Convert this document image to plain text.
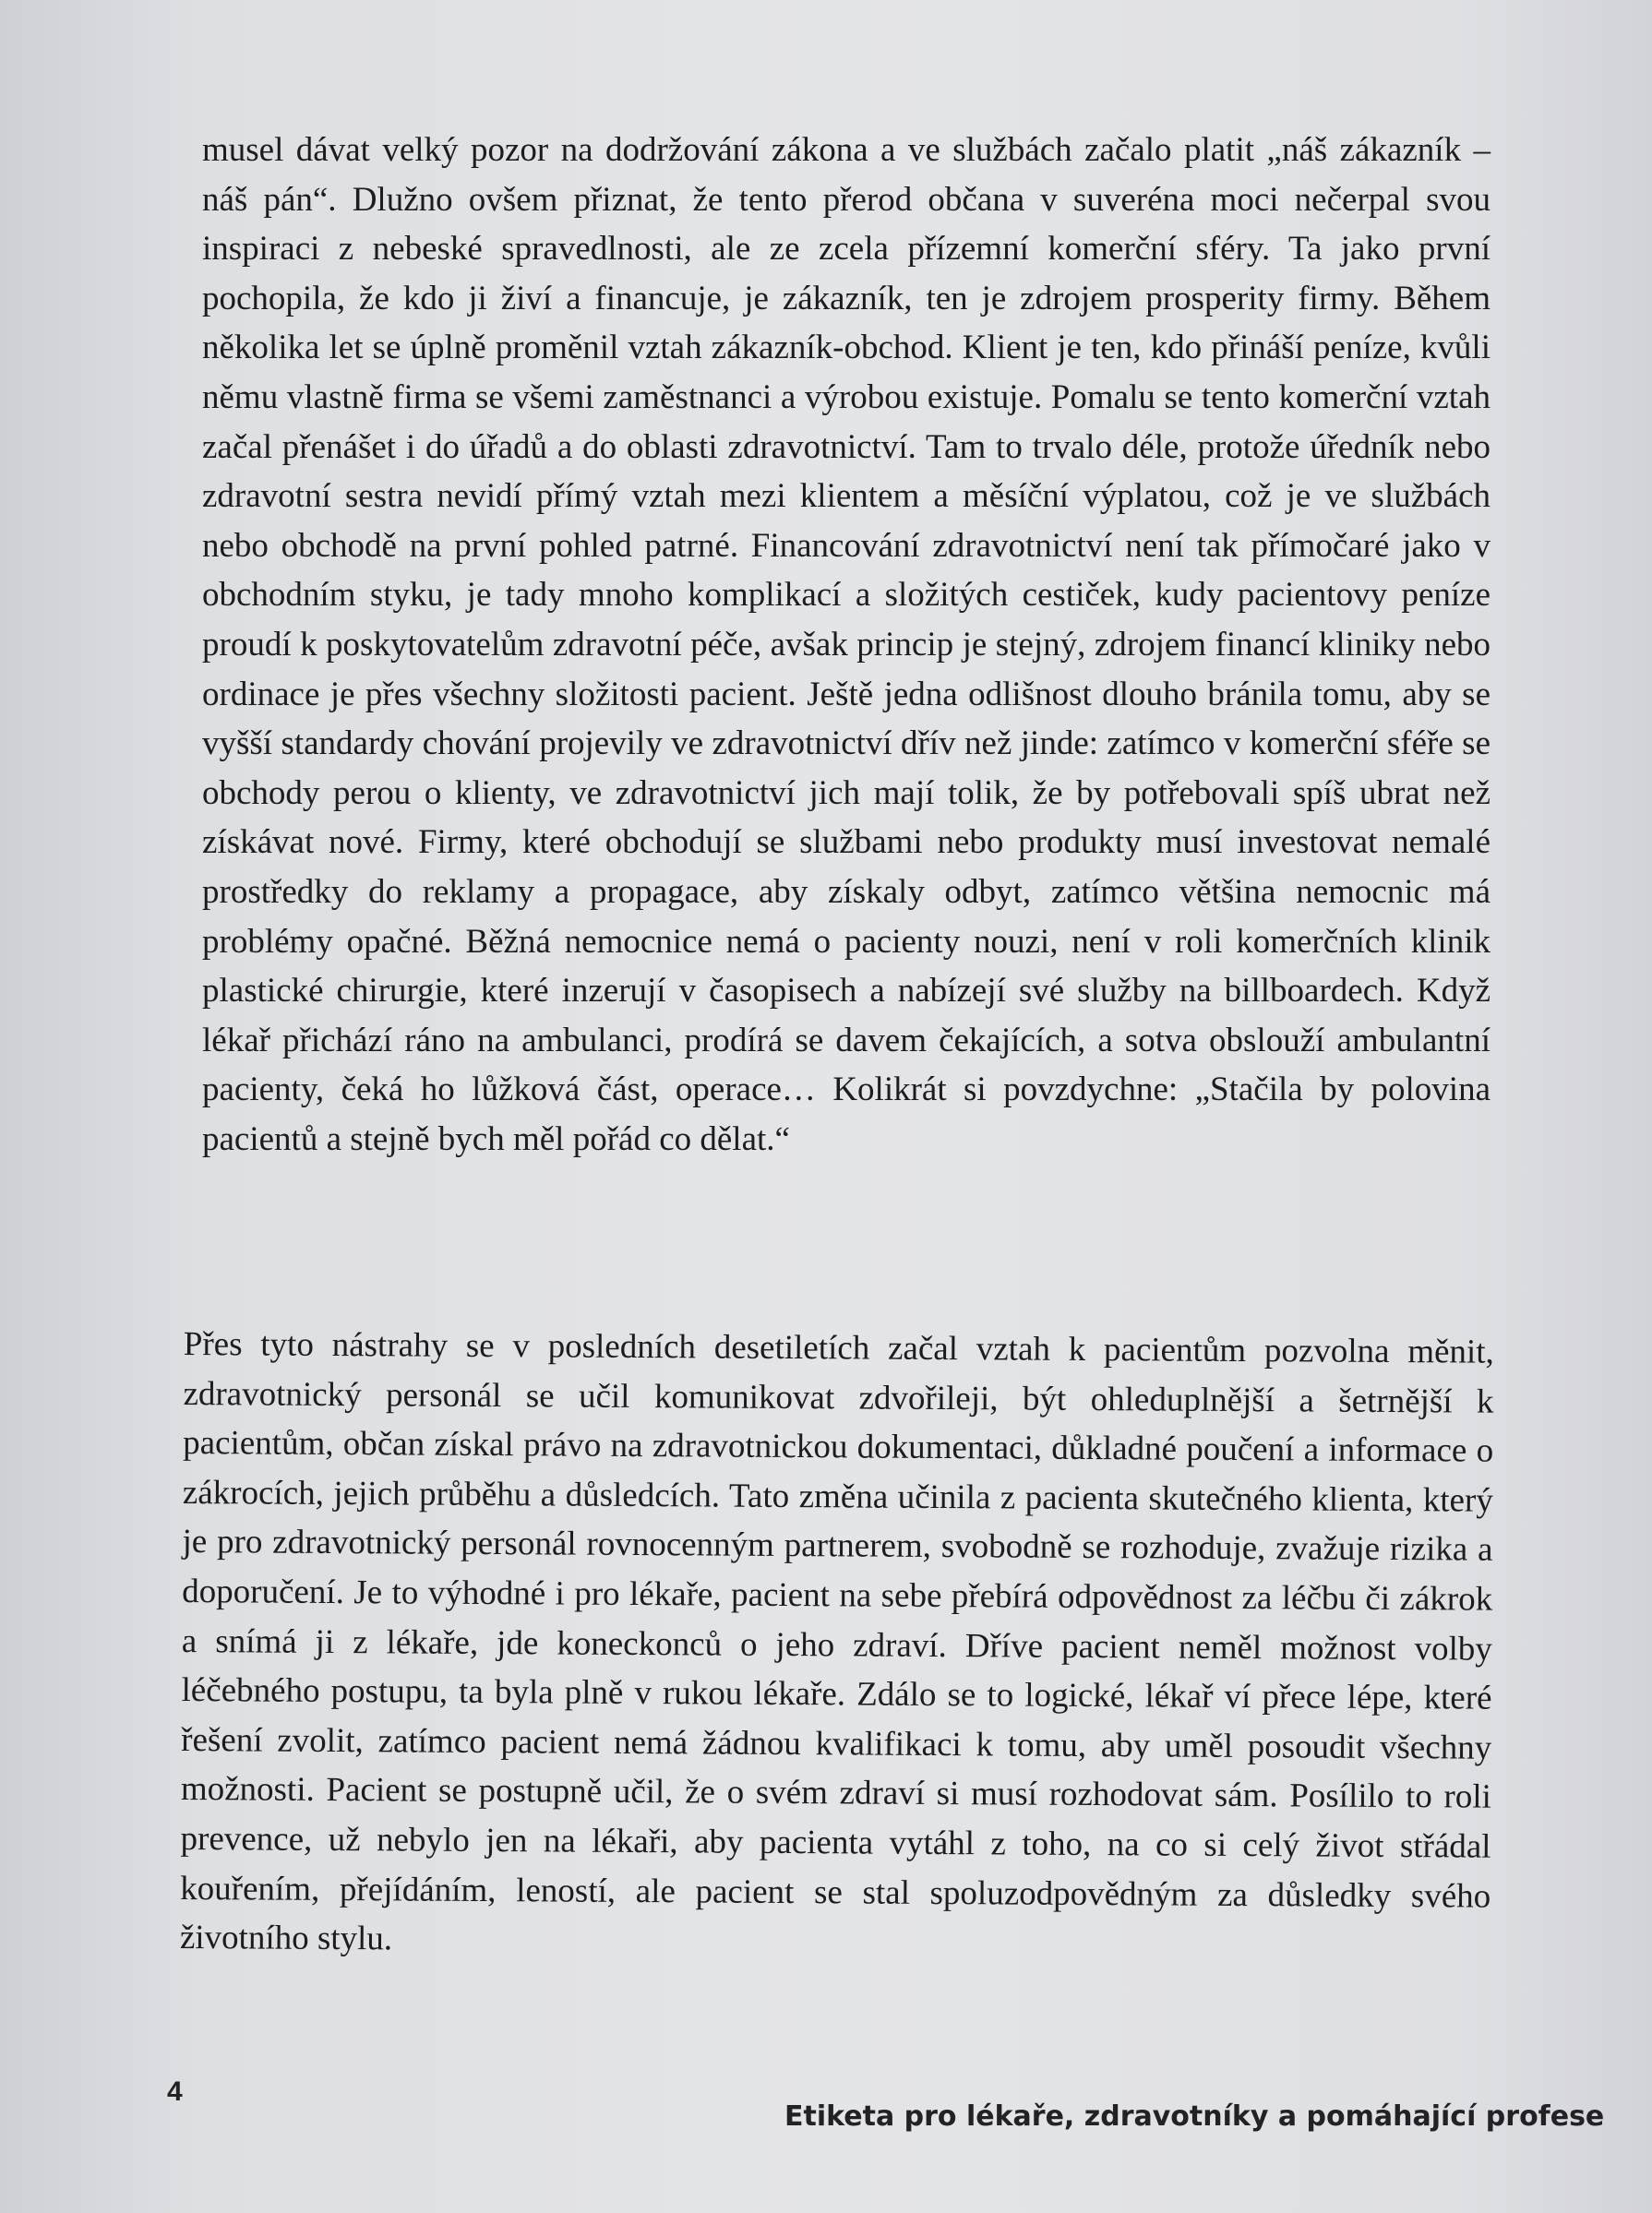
musel dávat velký pozor na dodržování zákona a ve službách začalo platit „náš zákazník – náš pán“. Dlužno ovšem přiznat, že tento přerod občana v suveréna moci nečerpal svou inspiraci z nebeské spravedlnosti, ale ze zcela přízemní komerční sféry. Ta jako první pochopila, že kdo ji živí a financuje, je zákazník, ten je zdrojem prosperity firmy. Během několika let se úplně proměnil vztah zákazník-obchod. Klient je ten, kdo přináší peníze, kvůli němu vlastně firma se všemi zaměstnanci a výrobou existuje. Pomalu se tento komerční vztah začal přenášet i do úřadů a do oblasti zdravotnictví. Tam to trvalo déle, protože úředník nebo zdravotní sestra nevidí přímý vztah mezi klientem a měsíční výplatou, což je ve službách nebo obchodě na první pohled patrné. Financování zdravotnictví není tak přímočaré jako v obchodním styku, je tady mnoho komplikací a složitých cestiček, kudy pacientovy peníze proudí k poskytovatelům zdravotní péče, avšak princip je stejný, zdrojem financí kliniky nebo ordinace je přes všechny složitosti pacient. Ještě jedna odlišnost dlouho bránila tomu, aby se vyšší standardy chování projevily ve zdravotnictví dřív než jinde: zatímco v komerční sféře se obchody perou o klienty, ve zdravotnictví jich mají tolik, že by potřebovali spíš ubrat než získávat nové. Firmy, které obchodují se službami nebo produkty musí investovat nemalé prostředky do reklamy a propagace, aby získaly odbyt, zatímco většina nemocnic má problémy opačné. Běžná nemocnice nemá o pacienty nouzi, není v roli komerčních klinik plastické chirurgie, které inzerují v časopisech a nabízejí své služby na billboardech. Když lékař přichází ráno na ambulanci, prodírá se davem čekajících, a sotva obslouží ambulantní pacienty, čeká ho lůžková část, operace… Kolikrát si povzdychne: „Stačila by polovina pacientů a stejně bych měl pořád co dělat.“

Přes tyto nástrahy se v posledních desetiletích začal vztah k pacientům pozvolna měnit, zdravotnický personál se učil komunikovat zdvořileji, být ohleduplnější a šetrnější k pacientům, občan získal právo na zdravotnickou dokumentaci, důkladné poučení a informace o zákrocích, jejich průběhu a důsledcích. Tato změna učinila z pacienta skutečného klienta, který je pro zdravotnický personál rovnocenným partnerem, svobodně se rozhoduje, zvažuje rizika a doporučení. Je to výhodné i pro lékaře, pacient na sebe přebírá odpovědnost za léčbu či zákrok a snímá ji z lékaře, jde koneckonců o jeho zdraví. Dříve pacient neměl možnost volby léčebného postupu, ta byla plně v rukou lékaře. Zdálo se to logické, lékař ví přece lépe, které řešení zvolit, zatímco pacient nemá žádnou kvalifikaci k tomu, aby uměl posoudit všechny možnosti. Pacient se postupně učil, že o svém zdraví si musí rozhodovat sám. Posílilo to roli prevence, už nebylo jen na lékaři, aby pacienta vytáhl z toho, na co si celý život střádal kouřením, přejídáním, leností, ale pacient se stal spoluzodpovědným za důsledky svého životního stylu.

4

Etiketa pro lékaře, zdravotníky a pomáhající profese
